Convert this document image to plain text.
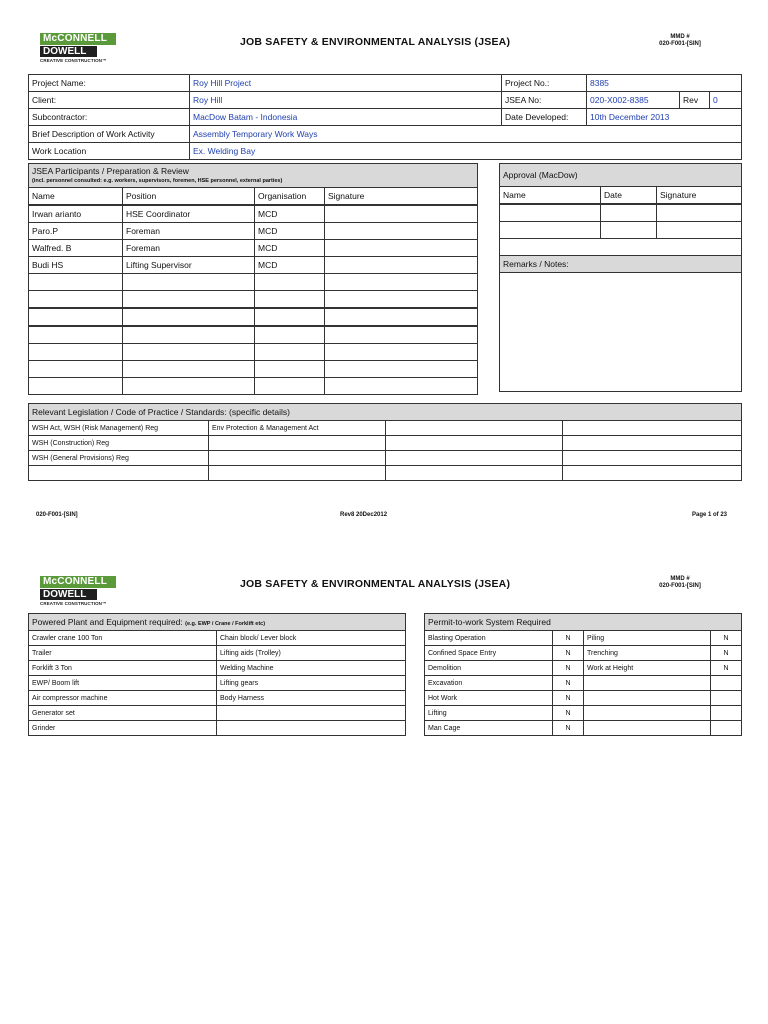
McCONNELL
DOWELL
CREATIVE CONSTRUCTION™
JOB SAFETY & ENVIRONMENTAL ANALYSIS (JSEA)	MMD #
020-F001-[SIN]
Project Name:	Roy Hill Project	Project No.:	8385		
Client:	Roy Hill	JSEA No:	020-X002-8385	Rev	0
Subcontractor:	MacDow Batam - Indonesia	Date Developed:	10th December 2013		
Brief Description of Work Activity	Assembly Temporary Work Ways				
Work Location	Ex. Welding Bay				
JSEA Participants / Preparation & Review
(incl. personnel consulted: e.g. workers, supervisors, foremen, HSE personnel, external parties)			

Name	Position	Organisation	Signature
Irwan arianto	HSE Coordinator	MCD	
Paro.P	Foreman	MCD	
Walfred. B	Foreman	MCD	
Budi HS	Lifting Supervisor	MCD	

Approval (MacDow)		
Name	Date	Signature

Remarks / Notes:		

Relevant Legislation / Code of Practice / Standards: (specific details)			
WSH Act, WSH (Risk Management) Reg	Env Protection & Management Act		
WSH (Construction) Reg			
WSH (General Provisions) Reg			

020-F001-[SIN]	Rev8 20Dec2012	Page 1 of 23
McCONNELL
DOWELL
CREATIVE CONSTRUCTION™
JOB SAFETY & ENVIRONMENTAL ANALYSIS (JSEA)	MMD #
020-F001-[SIN]
Powered Plant and Equipment required: (e.g. EWP / Crane / Forklift etc)	
Crawler crane 100 Ton	Chain block/ Lever block
Trailer	Lifting aids (Trolley)
Forklift 3 Ton	Welding Machine
EWP/ Boom lift	Lifting gears
Air compressor machine	Body Harness
Generator set	
Grinder	
Permit-to-work System Required			
Blasting Operation	N	Piling	N
Confined Space Entry	N	Trenching	N
Demolition	N	Work at Height	N
Excavation	N		
Hot Work	N		
Lifting	N		
Man Cage	N		
